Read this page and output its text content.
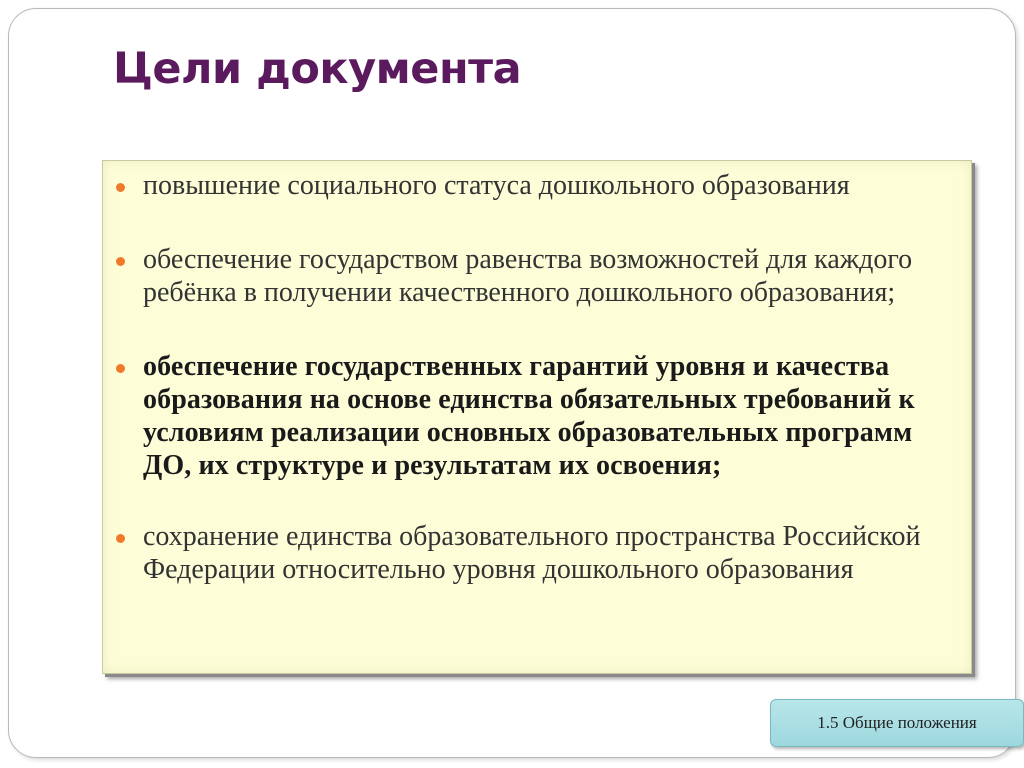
Цели документа
повышение социального статуса дошкольного образования
обеспечение государством равенства возможностей для каждого ребёнка в получении качественного дошкольного образования;
обеспечение государственных гарантий уровня и качества образования на основе единства обязательных требований к условиям реализации основных образовательных программ ДО, их структуре и результатам их освоения;
сохранение единства образовательного пространства Российской Федерации относительно уровня дошкольного образования
1.5 Общие положения
